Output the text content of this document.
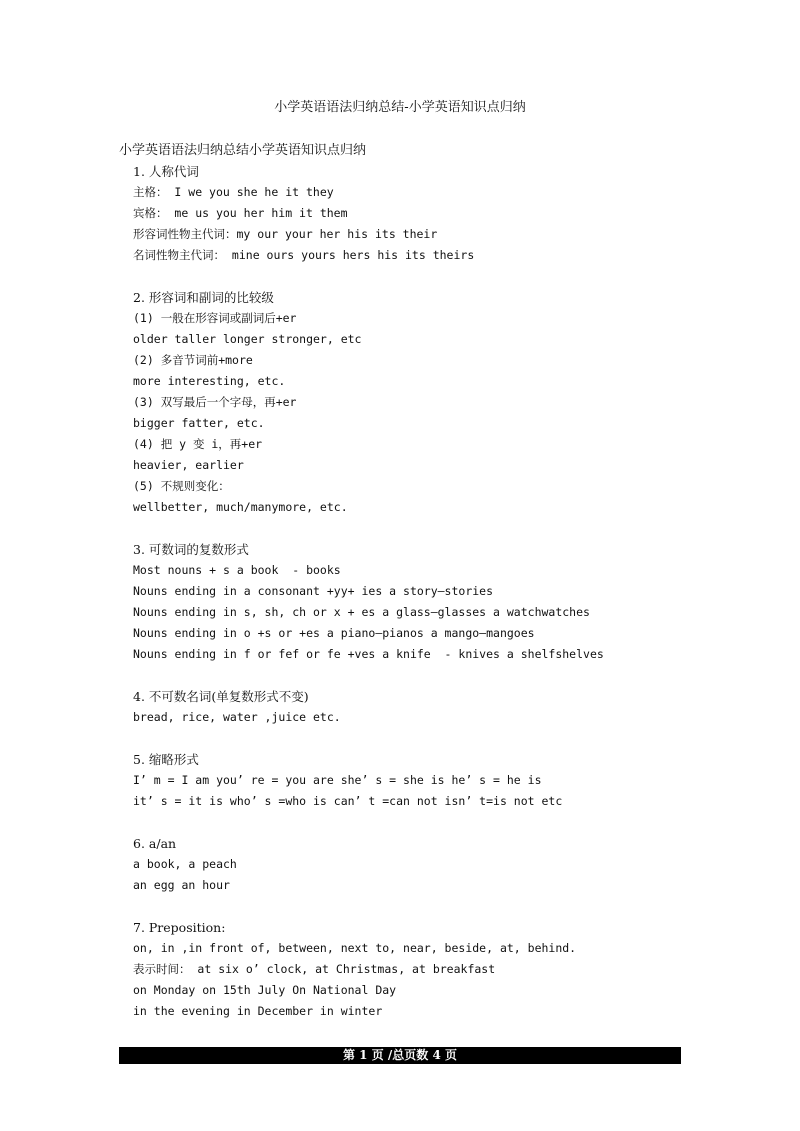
小学英语语法归纳总结-小学英语知识点归纳
小学英语语法归纳总结小学英语知识点归纳
1. 人称代词
主格： I we you she he it they
宾格： me us you her him it them
形容词性物主代词：my our your her his its their
名词性物主代词： mine ours yours hers his its theirs
2. 形容词和副词的比较级
(1) 一般在形容词或副词后+er
older taller longer stronger, etc
(2) 多音节词前+more
more interesting, etc.
(3) 双写最后一个字母，再+er
bigger fatter, etc.
(4) 把 y 变 i，再+er
heavier, earlier
(5) 不规则变化：
wellbetter, much/manymore, etc.
3. 可数词的复数形式
Most nouns + s a book  - books
Nouns ending in a consonant +yy+ ies a story—stories
Nouns ending in s, sh, ch or x + es a glass—glasses a watchwatches
Nouns ending in o +s or +es a piano—pianos a mango—mangoes
Nouns ending in f or fef or fe +ves a knife  - knives a shelfshelves
4. 不可数名词(单复数形式不变)
bread, rice, water ,juice etc.
5. 缩略形式
I’ m = I am you’ re = you are she’ s = she is he’ s = he is
it’ s = it is who’ s =who is can’ t =can not isn’ t=is not etc
6. a/an
a book, a peach
an egg an hour
7. Preposition:
on, in ,in front of, between, next to, near, beside, at, behind.
表示时间： at six o’ clock, at Christmas, at breakfast
on Monday on 15th July On National Day
in the evening in December in winter
第 1 页 /总页数 4 页
